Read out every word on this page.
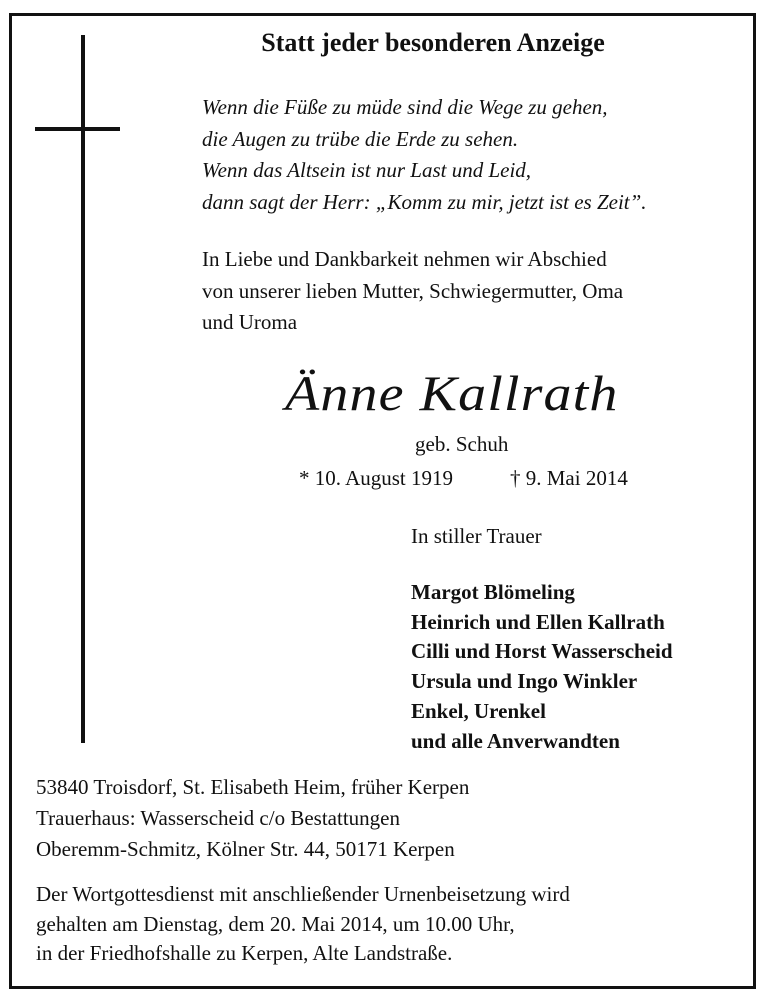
Statt jeder besonderen Anzeige
Wenn die Füße zu müde sind die Wege zu gehen,
die Augen zu trübe die Erde zu sehen.
Wenn das Altsein ist nur Last und Leid,
dann sagt der Herr: „Komm zu mir, jetzt ist es Zeit”.
In Liebe und Dankbarkeit nehmen wir Abschied
von unserer lieben Mutter, Schwiegermutter, Oma
und Uroma
Änne Kallrath
geb. Schuh
* 10. August 1919	† 9. Mai 2014
In stiller Trauer
Margot Blömeling
Heinrich und Ellen Kallrath
Cilli und Horst Wasserscheid
Ursula und Ingo Winkler
Enkel, Urenkel
und alle Anverwandten
53840 Troisdorf, St. Elisabeth Heim, früher Kerpen
Trauerhaus: Wasserscheid c/o Bestattungen
Oberemm-Schmitz, Kölner Str. 44, 50171 Kerpen
Der Wortgottesdienst mit anschließender Urnenbeisetzung wird
gehalten am Dienstag, dem 20. Mai 2014, um 10.00 Uhr,
in der Friedhofshalle zu Kerpen, Alte Landstraße.
